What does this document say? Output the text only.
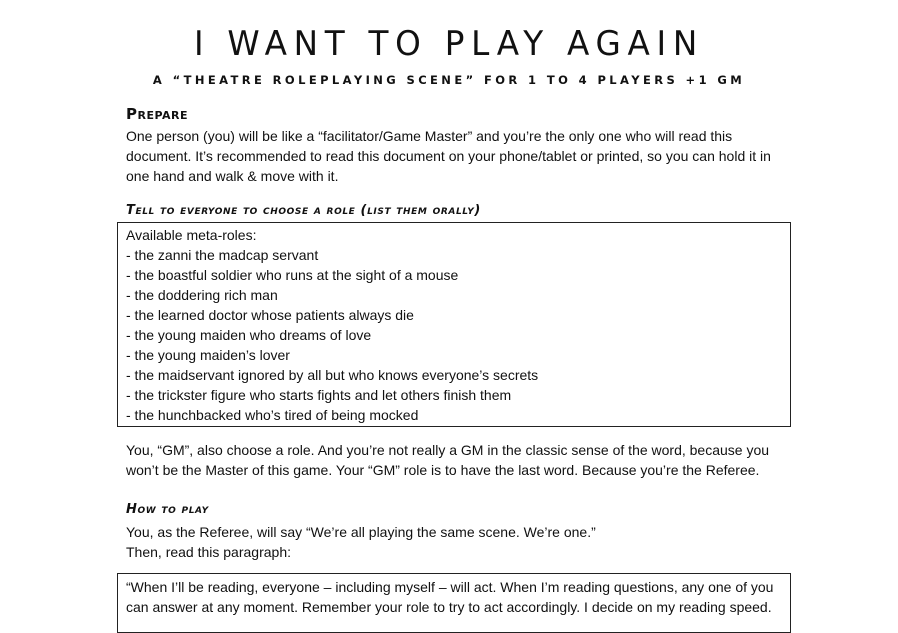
I WANT TO PLAY AGAIN
A “THEATRE ROLEPLAYING SCENE” FOR 1 TO 4 PLAYERS +1 GM
Prepare
One person (you) will be like a “facilitator/Game Master” and you’re the only one who will read this
document. It’s recommended to read this document on your phone/tablet or printed, so you can hold it in
one hand and walk & move with it.
Tell to everyone to choose a role (list them orally)
Available meta-roles:
- the zanni the madcap servant
- the boastful soldier who runs at the sight of a mouse
- the doddering rich man
- the learned doctor whose patients always die
- the young maiden who dreams of love
- the young maiden’s lover
- the maidservant ignored by all but who knows everyone’s secrets
- the trickster figure who starts fights and let others finish them
- the hunchbacked who’s tired of being mocked
You, “GM”, also choose a role. And you’re not really a GM in the classic sense of the word, because you
won’t be the Master of this game. Your “GM” role is to have the last word. Because you’re the Referee.
How to play
You, as the Referee, will say “We’re all playing the same scene. We’re one.”
Then, read this paragraph:
“When I’ll be reading, everyone – including myself – will act. When I’m reading questions, any one of you
can answer at any moment. Remember your role to try to act accordingly. I decide on my reading speed.
